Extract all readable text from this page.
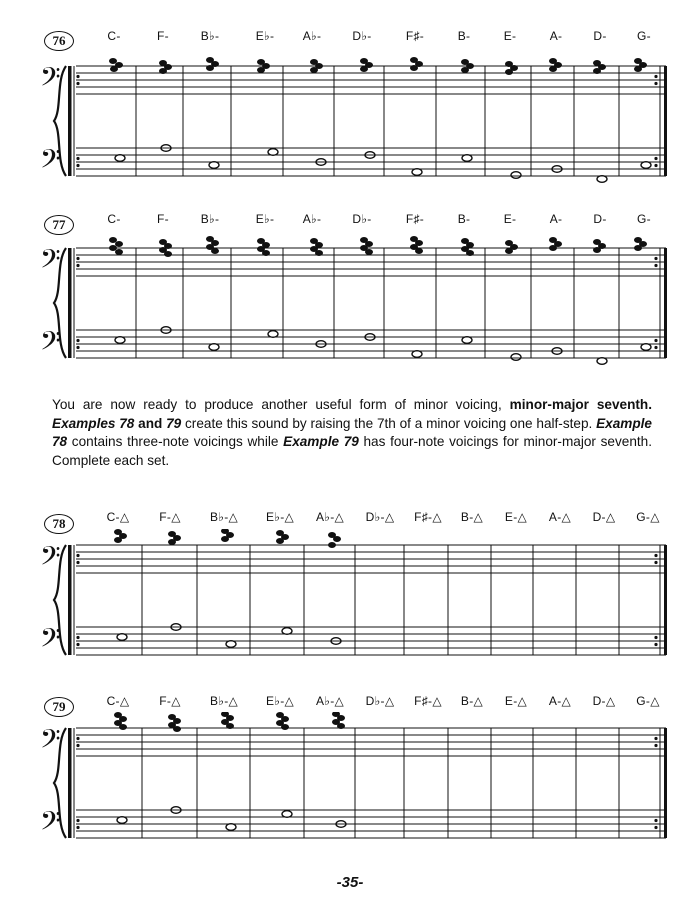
76	C-	F-	B♭-	E♭-	A♭-	D♭-	F♯-	B-	E-	A-	D-	G-
𝄢
𝄢
77	C-	F-	B♭-	E♭-	A♭-	D♭-	F♯-	B-	E-	A-	D-	G-
𝄢
𝄢
You are now ready to produce another useful form of minor voicing, minor-major seventh. Examples 78 and 79 create this sound by raising the 7th of a minor voicing one half-step. Example 78 contains three-note voicings while Example 79 has four-note voicings for minor-major seventh. Complete each set.
78	C-△	F-△	B♭-△	E♭-△	A♭-△	D♭-△	F♯-△	B-△	E-△	A-△	D-△	G-△
𝄢
𝄢
79	C-△	F-△	B♭-△	E♭-△	A♭-△	D♭-△	F♯-△	B-△	E-△	A-△	D-△	G-△
𝄢
𝄢
-35-
